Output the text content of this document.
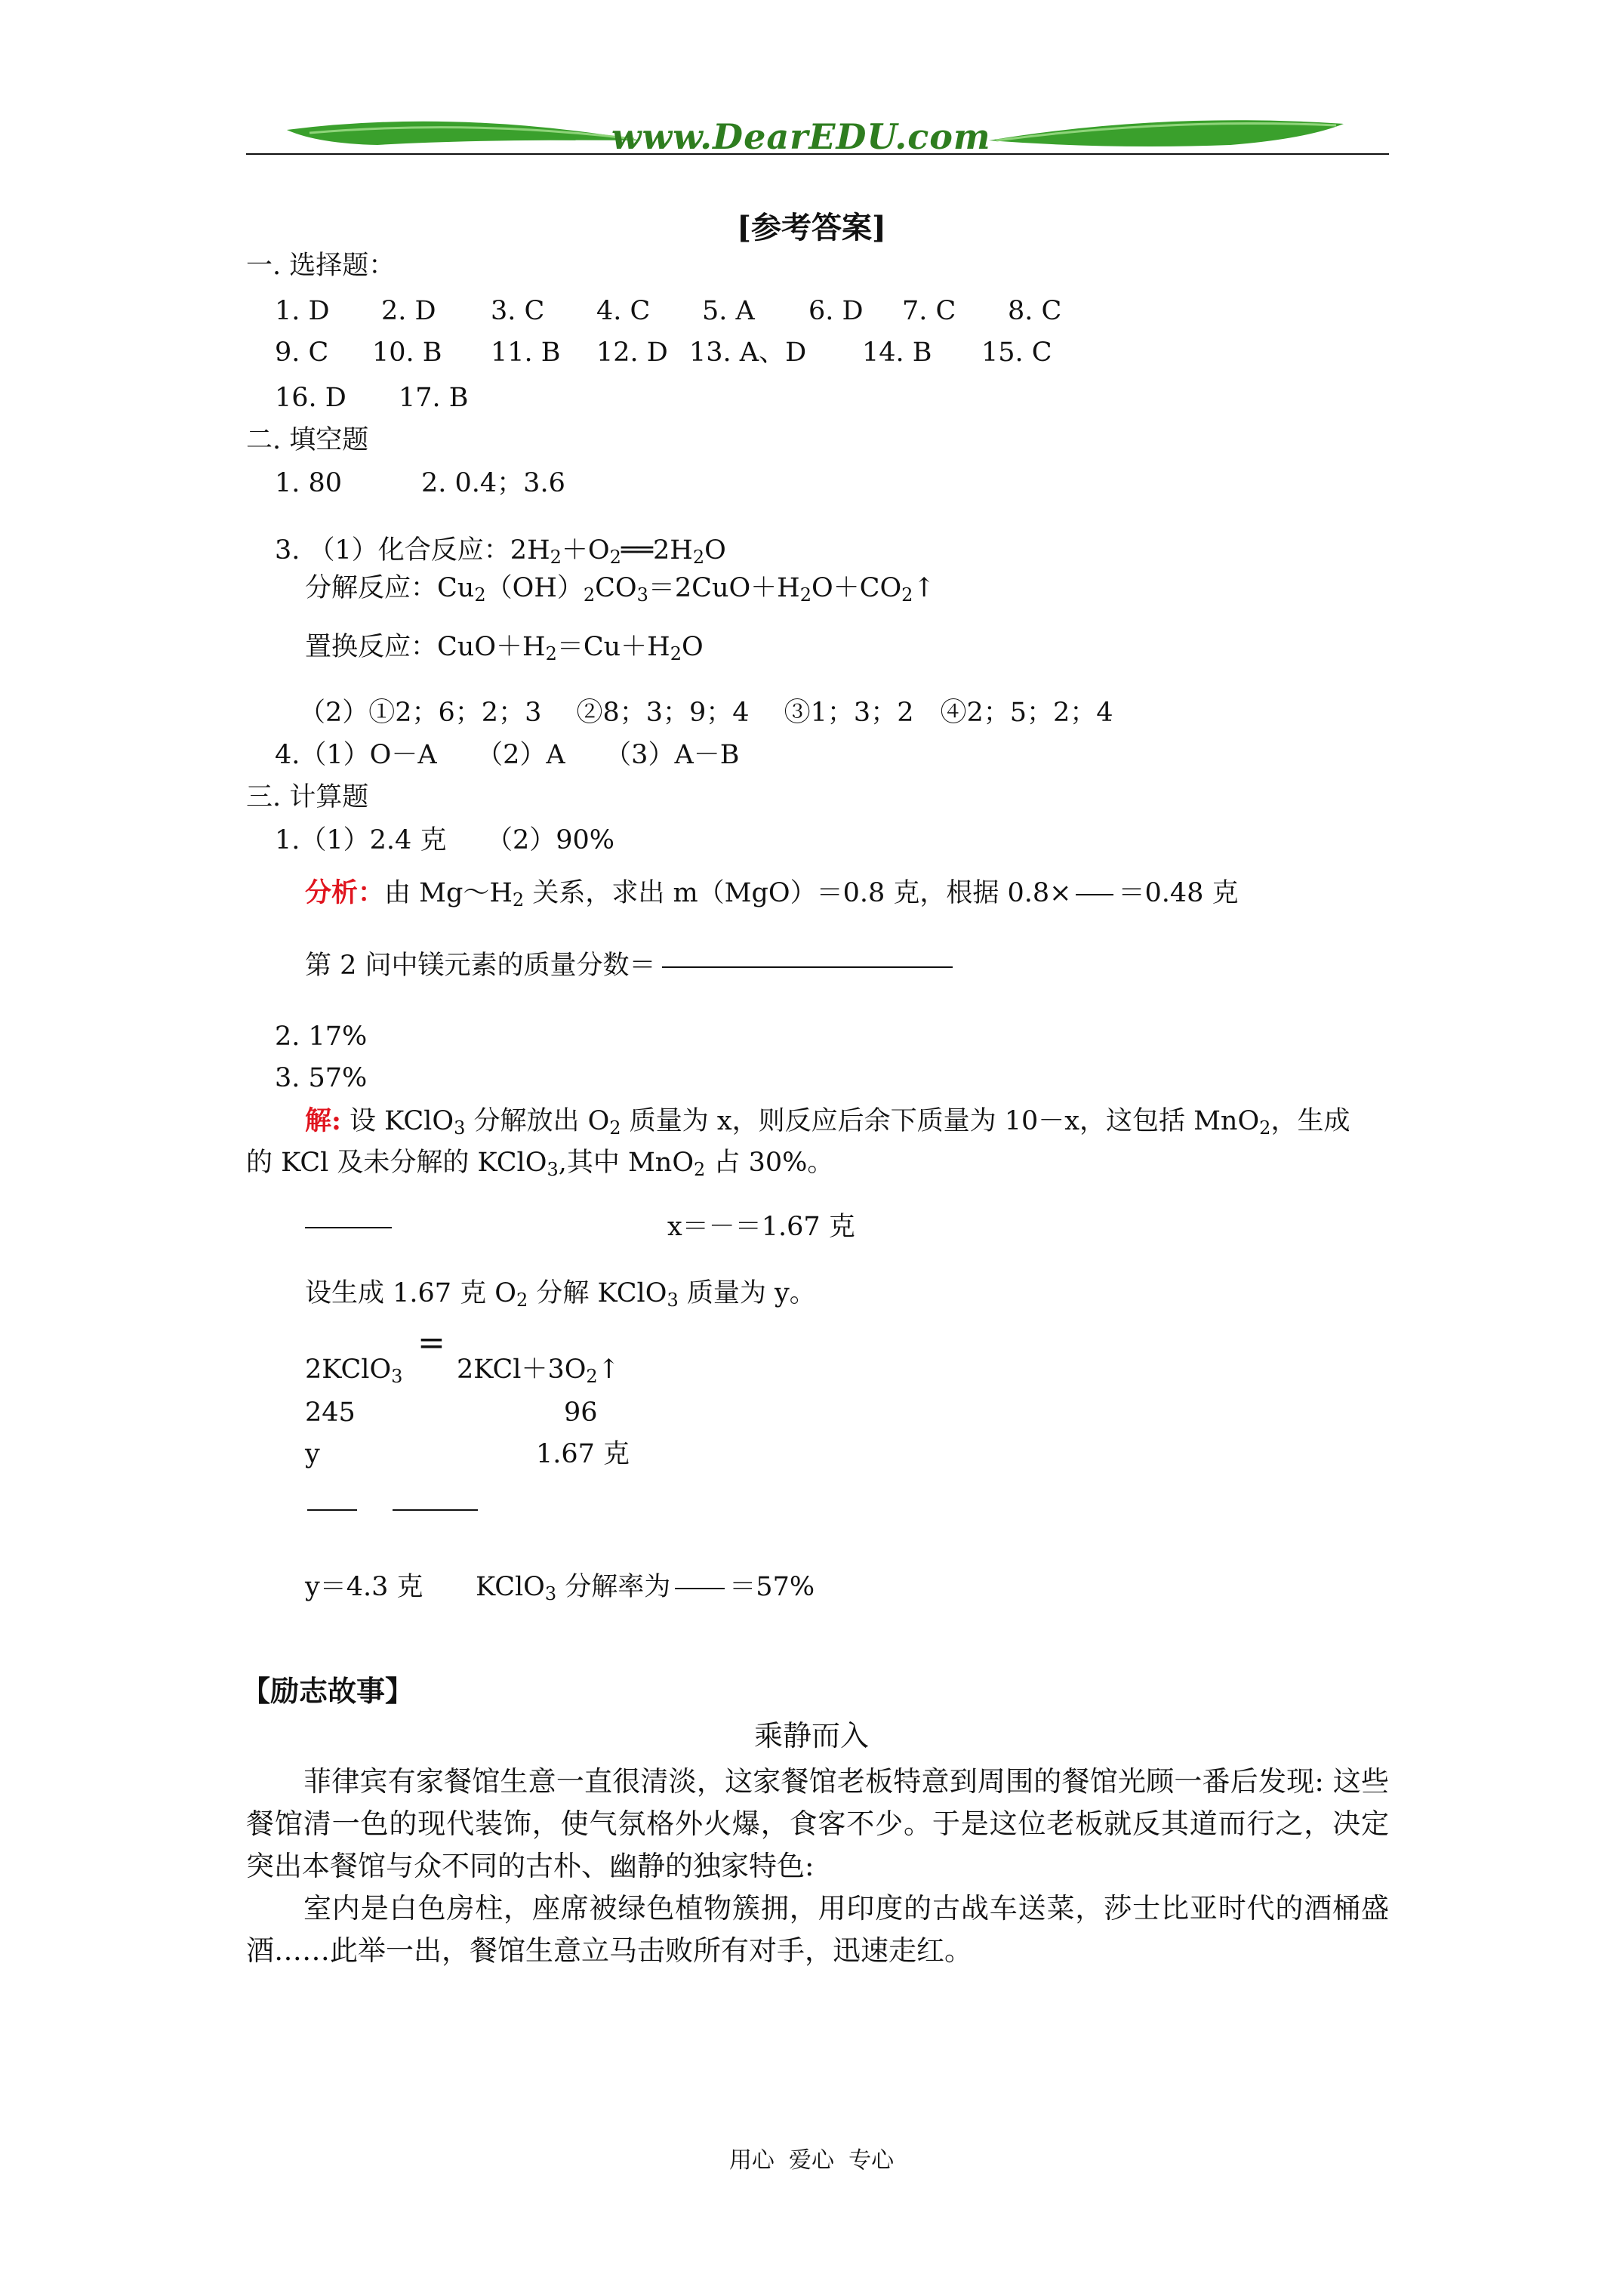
www.DearEDU.com
[参考答案]
一. 选择题：
1. D 2. D 3. C 4. C 5. A 6. D 7. C 8. C
9. C 10. B 11. B 12. D 13. A、D 14. B 15. C
16. D 17. B
二. 填空题
1. 80	2. 0.4；3.6
3. （1）化合反应：$2H_2+O_2══2H_2O$
分解反应：$Cu_2(OH)_2CO_3=2CuO+H_2O+CO_2↑$
置换反应：$CuO+H_2=Cu+H_2O$
（2）①2；6；2；3　 ②8；3；9；4　 ③1；3；2　④2；5；2；4
4.（1）O－A　　（2）A　　（3）A－B
三. 计算题
1.（1）2.4 克　　（2）90%
分析：由 $Mg\sim H_2$ 关系，求出 m（MgO）＝0.8 克，根据 0.8× ＝0.48 克
第 2 问中镁元素的质量分数＝
2. 17%
3. 57%
解: 设 KClO$_3$ 分解放出 $O_2$ 质量为 x，则反应后余下质量为 10－x，这包括 MnO$_2$，生成
的 KCl 及未分解的 KClO$_3$,其中 MnO$_2$ 占 30%。
x＝－＝1.67 克
设生成 1.67 克 $O_2$ 分解 KClO$_3$ 质量为 y。
2KClO$_3$
=
$2KCl+3O_2↑$
245	96
y	1.67 克
y＝4.3 克 KClO$_3$ 分解率为 ＝57%
【励志故事】
乘静而入

菲律宾有家餐馆生意一直很清淡，这家餐馆老板特意到周围的餐馆光顾一番后发现: 这些餐馆清一色的现代装饰，使气氛格外火爆，食客不少。于是这位老板就反其道而行之，决定突出本餐馆与众不同的古朴、幽静的独家特色:

室内是白色房柱，座席被绿色植物簇拥，用印度的古战车送菜，莎士比亚时代的酒桶盛酒……此举一出，餐馆生意立马击败所有对手，迅速走红。

用心  爱心  专心
